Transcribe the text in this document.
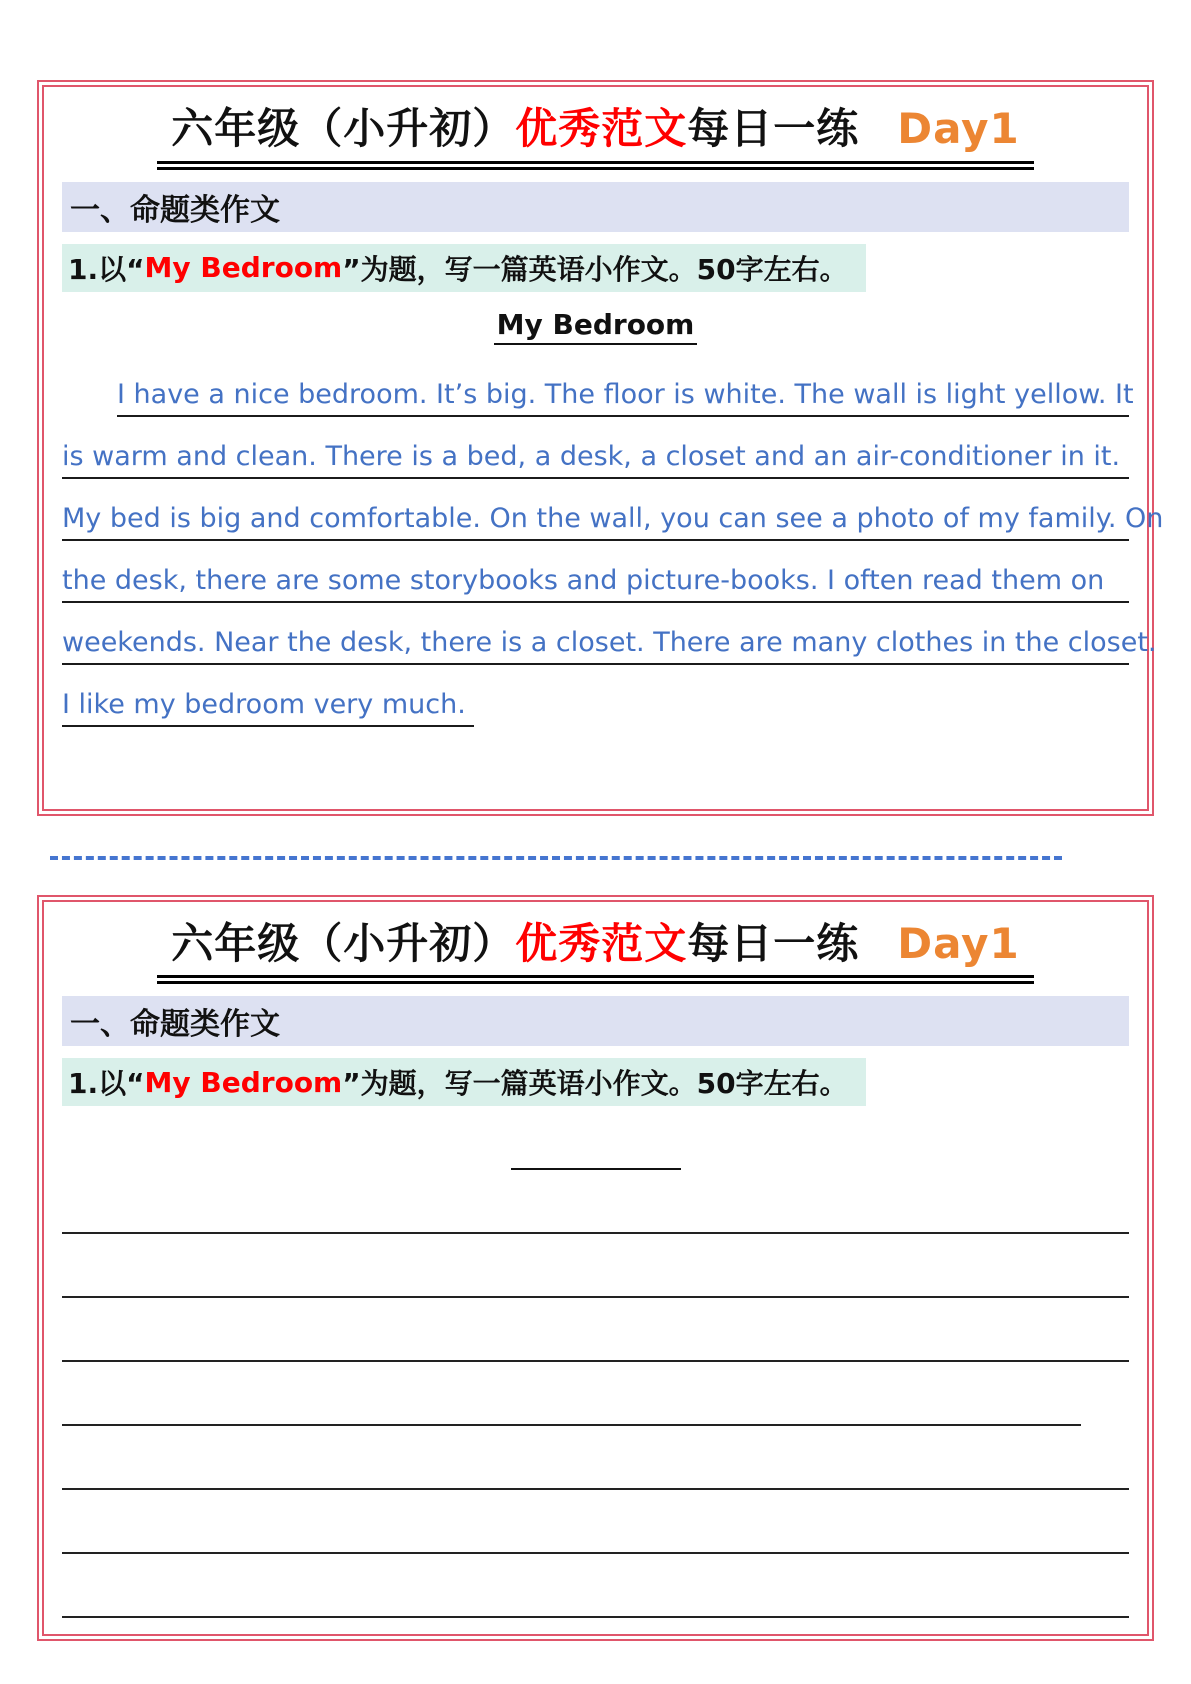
六年级（小升初）优秀范文每日一练 Day1
一、命题类作文
1.以“ My Bedroom ”为题，写一篇英语小作文。50字左右。
My Bedroom
I have a nice bedroom. It’s big. The floor is white. The wall is light yellow. It
is warm and clean. There is a bed, a desk, a closet and an air-conditioner in it.
My bed is big and comfortable. On the wall, you can see a photo of my family. On
the desk, there are some storybooks and picture-books. I often read them on
weekends. Near the desk, there is a closet. There are many clothes in the closet.
I like my bedroom very much.
六年级（小升初）优秀范文每日一练 Day1
一、命题类作文
1.以“ My Bedroom ”为题，写一篇英语小作文。50字左右。
